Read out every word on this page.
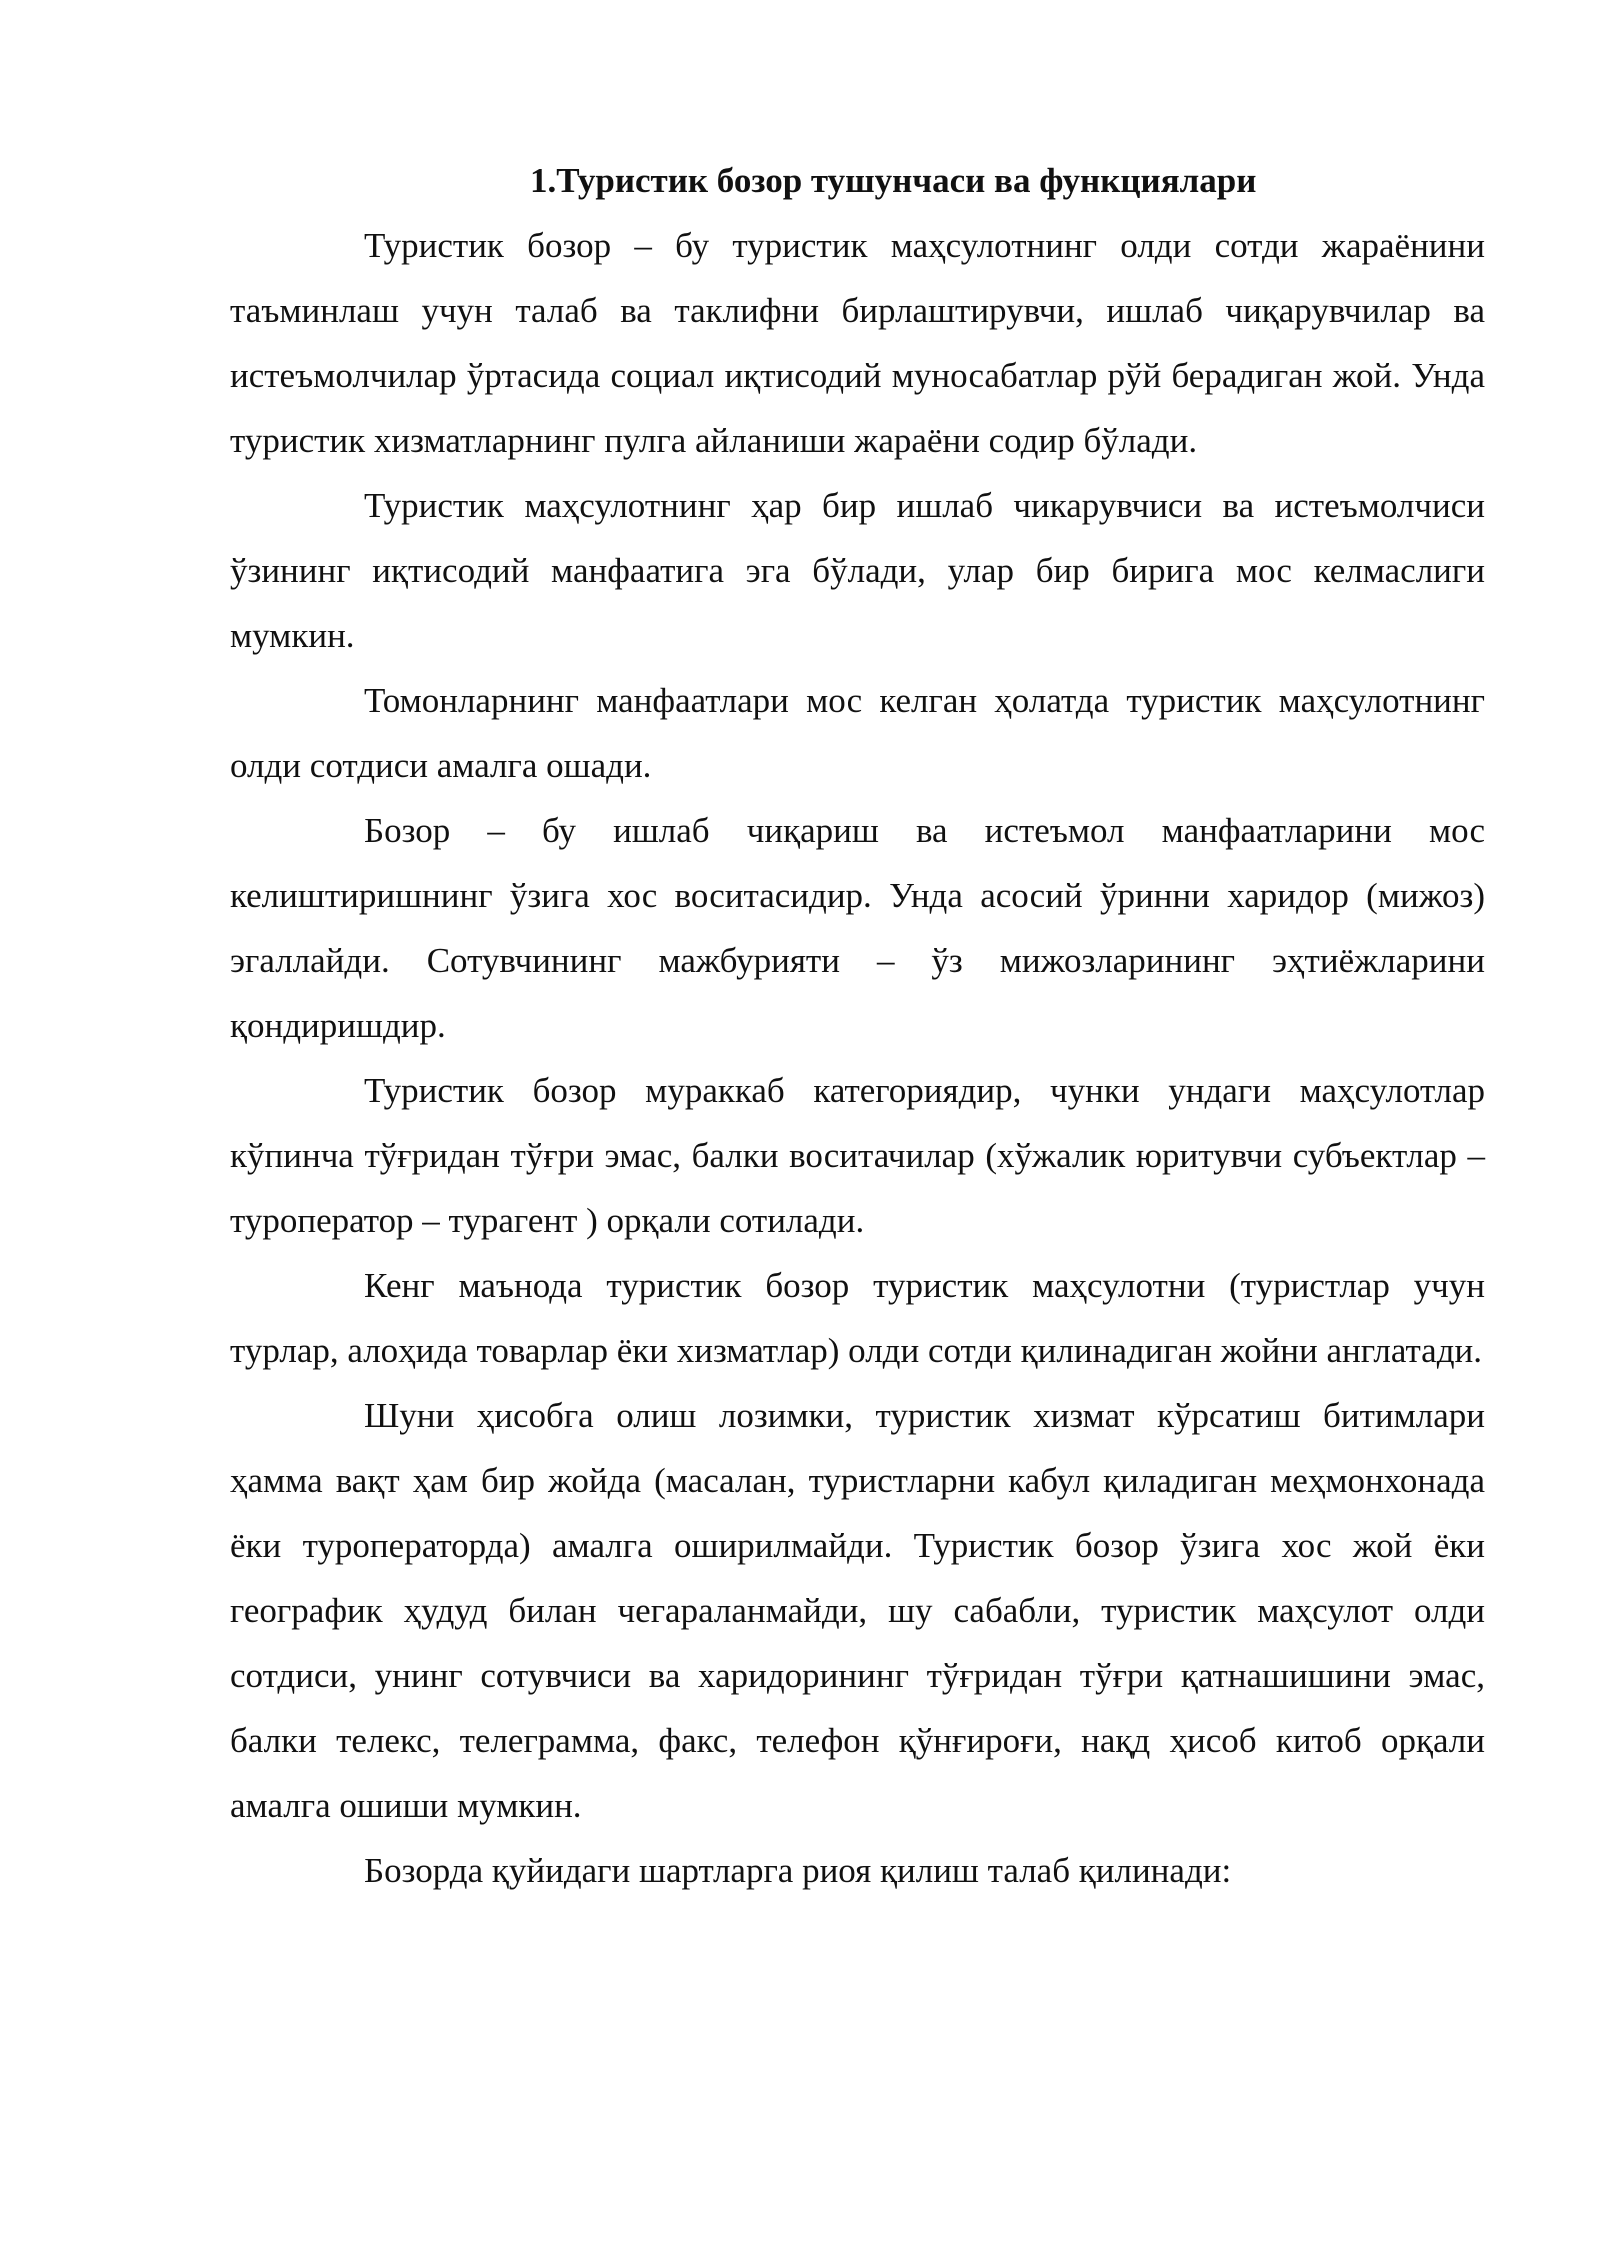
1.Туристик бозор тушунчаси ва функциялари

Туристик бозор – бу туристик маҳсулотнинг олди сотди жараёнини таъминлаш учун талаб ва таклифни бирлаштирувчи, ишлаб чиқарувчилар ва истеъмолчилар ўртасида социал иқтисодий муносабатлар рўй берадиган жой. Унда туристик хизматларнинг пулга айланиши жараёни содир бўлади.

Туристик маҳсулотнинг ҳар бир ишлаб чикарувчиси ва истеъмолчиси ўзининг иқтисодий манфаатига эга бўлади, улар бир бирига мос келмаслиги мумкин.

Томонларнинг манфаатлари мос келган ҳолатда туристик маҳсулотнинг олди сотдиси амалга ошади.

Бозор – бу ишлаб чиқариш ва истеъмол манфаатларини мос келиштиришнинг ўзига хос воситасидир. Унда асосий ўринни харидор (мижоз) эгаллайди. Сотувчининг мажбурияти – ўз мижозларининг эҳтиёжларини қондиришдир.

Туристик бозор мураккаб категориядир, чунки ундаги маҳсулотлар кўпинча тўғридан тўғри эмас, балки воситачилар (хўжалик юритувчи субъектлар – туроператор – турагент ) орқали сотилади.

Кенг маънода туристик бозор туристик маҳсулотни (туристлар учун турлар, алоҳида товарлар ёки хизматлар) олди сотди қилинадиган жойни англатади.

Шуни ҳисобга олиш лозимки, туристик хизмат кўрсатиш битимлари ҳамма вақт ҳам бир жойда (масалан, туристларни кабул қиладиган меҳмонхонада ёки туроператорда) амалга оширилмайди. Туристик бозор ўзига хос жой ёки географик ҳудуд билан чегараланмайди, шу сабабли, туристик маҳсулот олди сотдиси, унинг сотувчиси ва харидорининг тўғридан тўғри қатнашишини эмас, балки телекс, телеграмма, факс, телефон қўнғироғи, нақд ҳисоб китоб орқали амалга ошиши мумкин.

Бозорда қуйидаги шартларга риоя қилиш талаб қилинади:
